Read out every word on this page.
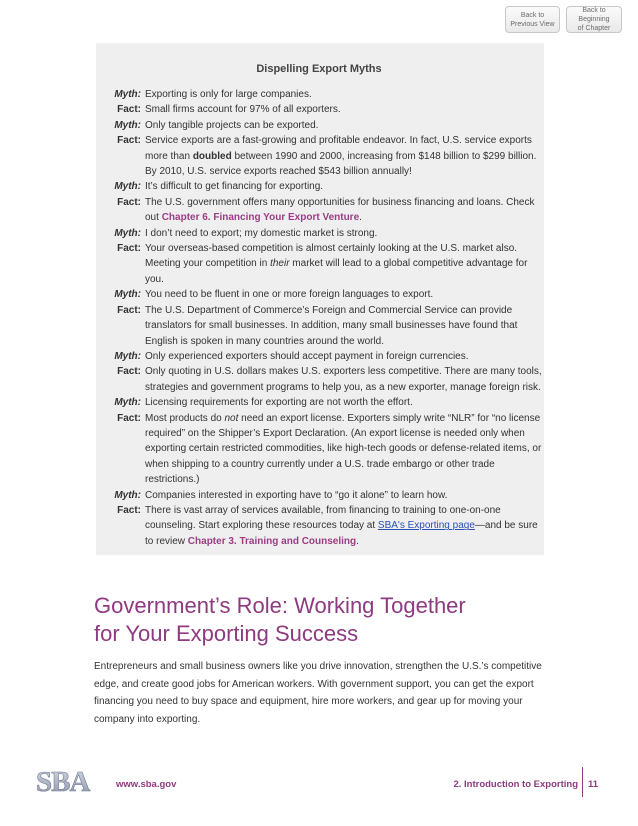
Back to
Previous View
Back to Beginning
of Chapter
Dispelling Export Myths
Myth: Exporting is only for large companies.
Fact: Small firms account for 97% of all exporters.
Myth: Only tangible projects can be exported.
Fact: Service exports are a fast-growing and profitable endeavor. In fact, U.S. service exports more than doubled between 1990 and 2000, increasing from $148 billion to $299 billion. By 2010, U.S. service exports reached $543 billion annually!
Myth: It’s difficult to get financing for exporting.
Fact: The U.S. government offers many opportunities for business financing and loans. Check out Chapter 6. Financing Your Export Venture.
Myth: I don’t need to export; my domestic market is strong.
Fact: Your overseas-based competition is almost certainly looking at the U.S. market also. Meeting your competition in their market will lead to a global competitive advantage for you.
Myth: You need to be fluent in one or more foreign languages to export.
Fact: The U.S. Department of Commerce’s Foreign and Commercial Service can provide translators for small businesses. In addition, many small businesses have found that English is spoken in many countries around the world.
Myth: Only experienced exporters should accept payment in foreign currencies.
Fact: Only quoting in U.S. dollars makes U.S. exporters less competitive. There are many tools, strategies and government programs to help you, as a new exporter, manage foreign risk.
Myth: Licensing requirements for exporting are not worth the effort.
Fact: Most products do not need an export license. Exporters simply write “NLR” for “no license required” on the Shipper’s Export Declaration. (An export license is needed only when exporting certain restricted commodities, like high-tech goods or defense-related items, or when shipping to a country currently under a U.S. trade embargo or other trade restrictions.)
Myth: Companies interested in exporting have to “go it alone” to learn how.
Fact: There is vast array of services available, from financing to training to one-on-one counseling. Start exploring these resources today at SBA's Exporting page—and be sure to review Chapter 3. Training and Counseling.
Government’s Role: Working Together
for Your Exporting Success

Entrepreneurs and small business owners like you drive innovation, strengthen the U.S.’s competitive edge, and create good jobs for American workers. With government support, you can get the export financing you need to buy space and equipment, hire more workers, and gear up for moving your company into exporting.

SBA	www.sba.gov	2. Introduction to Exporting 11
